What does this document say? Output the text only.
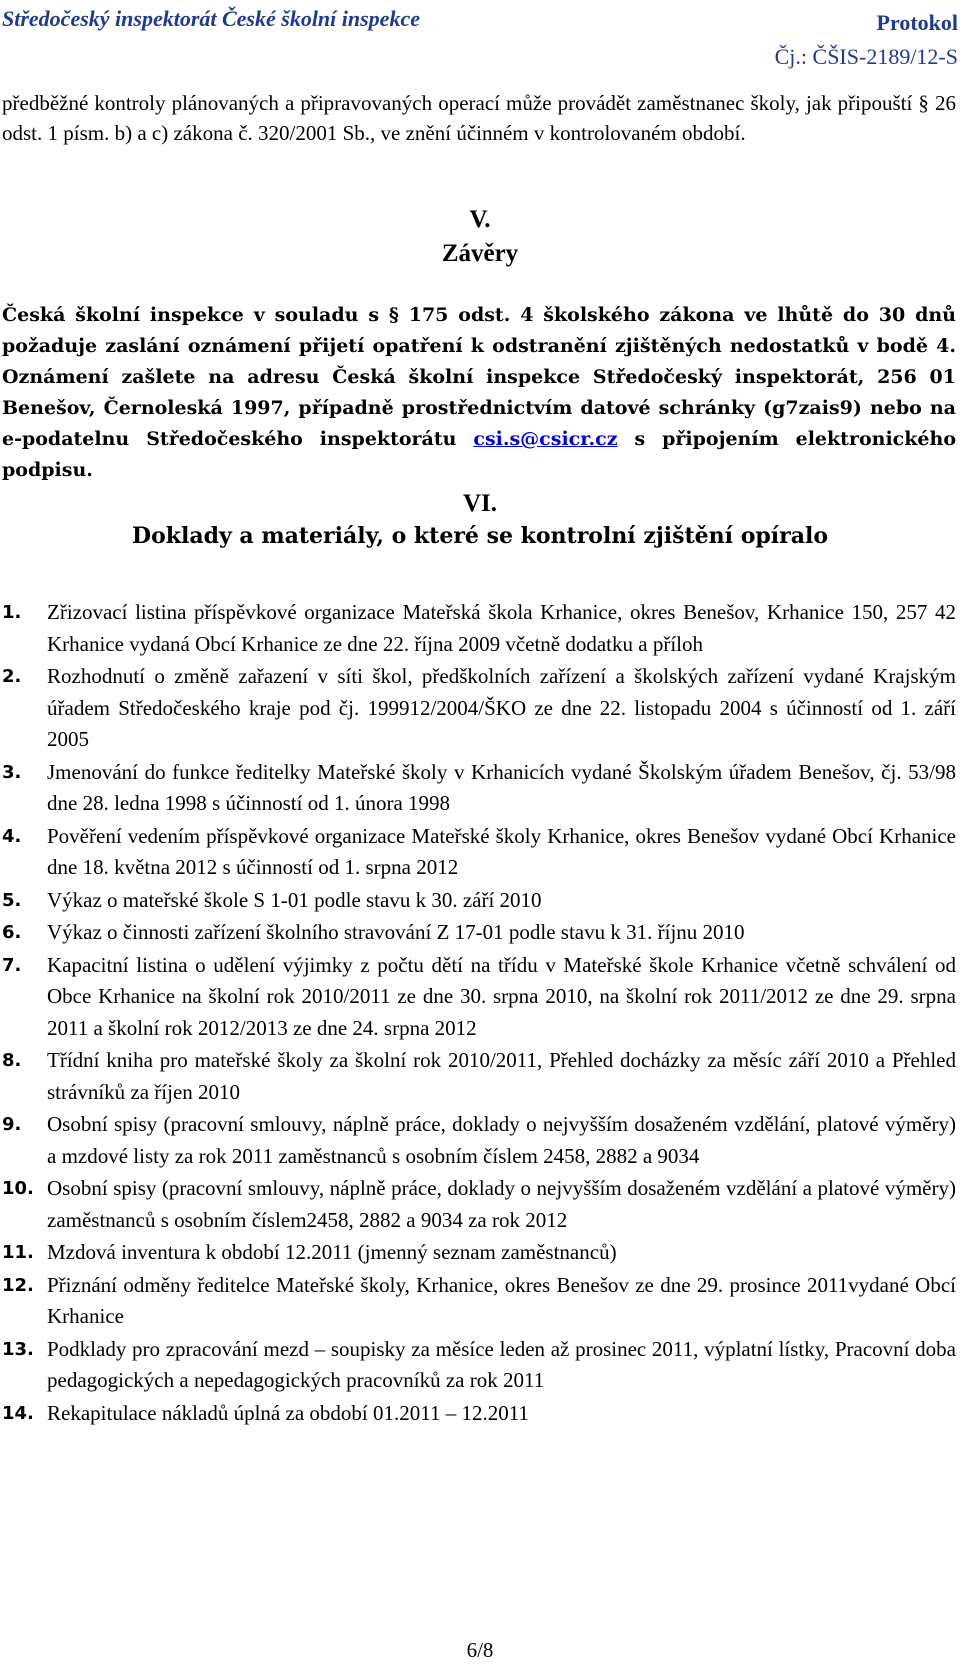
Středočeský inspektorát České školní inspekce	Protokol
Čj.: ČŠIS-2189/12-S
předběžné kontroly plánovaných a připravovaných operací může provádět zaměstnanec školy, jak připouští § 26 odst. 1 písm. b) a c) zákona č. 320/2001 Sb., ve znění účinném v kontrolovaném období.
V.
Závěry
Česká školní inspekce v souladu s § 175 odst. 4 školského zákona ve lhůtě do 30 dnů požaduje zaslání oznámení přijetí opatření k odstranění zjištěných nedostatků v bodě 4. Oznámení zašlete na adresu Česká školní inspekce Středočeský inspektorát, 256 01 Benešov, Černoleská 1997, případně prostřednictvím datové schránky (g7zais9) nebo na e-podatelnu Středočeského inspektorátu csi.s@csicr.cz s připojením elektronického podpisu.
VI.
Doklady a materiály, o které se kontrolní zjištění opíralo
1. Zřizovací listina příspěvkové organizace Mateřská škola Krhanice, okres Benešov, Krhanice 150, 257 42 Krhanice vydaná Obcí Krhanice ze dne 22. října 2009 včetně dodatku a příloh
2. Rozhodnutí o změně zařazení v síti škol, předškolních zařízení a školských zařízení vydané Krajským úřadem Středočeského kraje pod čj. 199912/2004/ŠKO ze dne 22. listopadu 2004 s účinností od 1. září 2005
3. Jmenování do funkce ředitelky Mateřské školy v Krhanicích vydané Školským úřadem Benešov, čj. 53/98 dne 28. ledna 1998 s účinností od 1. února 1998
4. Pověření vedením příspěvkové organizace Mateřské školy Krhanice, okres Benešov vydané Obcí Krhanice dne 18. května 2012 s účinností od 1. srpna 2012
5. Výkaz o mateřské škole S 1-01 podle stavu k 30. září 2010
6. Výkaz o činnosti zařízení školního stravování Z 17-01 podle stavu k 31. říjnu 2010
7. Kapacitní listina o udělení výjimky z počtu dětí na třídu v Mateřské škole Krhanice včetně schválení od Obce Krhanice na školní rok 2010/2011 ze dne 30. srpna 2010, na školní rok 2011/2012 ze dne 29. srpna 2011 a školní rok 2012/2013 ze dne 24. srpna 2012
8. Třídní kniha pro mateřské školy za školní rok 2010/2011, Přehled docházky za měsíc září 2010 a Přehled strávníků za říjen 2010
9. Osobní spisy (pracovní smlouvy, náplně práce, doklady o nejvyšším dosaženém vzdělání, platové výměry) a mzdové listy za rok 2011 zaměstnanců s osobním číslem 2458, 2882 a 9034
10. Osobní spisy (pracovní smlouvy, náplně práce, doklady o nejvyšším dosaženém vzdělání a platové výměry) zaměstnanců s osobním číslem2458, 2882 a 9034 za rok 2012
11. Mzdová inventura k období 12.2011 (jmenný seznam zaměstnanců)
12. Přiznání odměny ředitelce Mateřské školy, Krhanice, okres Benešov ze dne 29. prosince 2011vydané Obcí Krhanice
13. Podklady pro zpracování mezd – soupisky za měsíce leden až prosinec 2011, výplatní lístky, Pracovní doba pedagogických a nepedagogických pracovníků za rok 2011
14. Rekapitulace nákladů úplná za období 01.2011 – 12.2011
6/8
